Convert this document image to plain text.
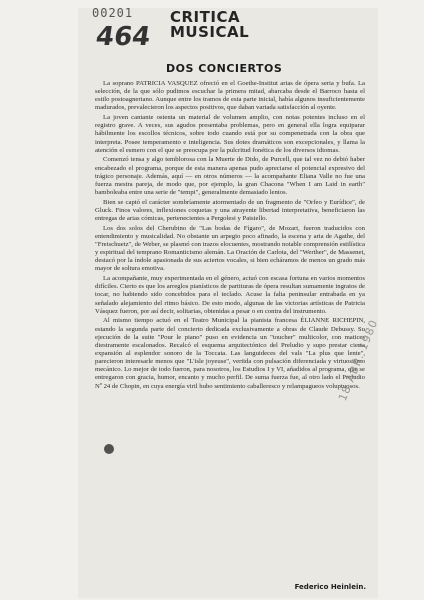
00201
464
CRITICA
MUSICAL
DOS CONCIERTOS

La soprano PATRICIA VASQUEZ ofreció en el Goethe-Institut arias de ópera seria y bufa. La selección, de la que sólo pudimos escuchar la primera mitad, abarcaba desde el Barroco hasta el estilo postoagneriano. Aunque entre los tramos de esta parte inicial, había algunos insuficientemente madurados, prevalecieron los aspectos positivos, que daban variada satisfacción al oyente.

La joven cantante ostenta un material de volumen amplio, con notas potentes incluso en el registro grave. A veces, sus agudos presentaba problemas, pero en general ella logra equiparar hábilmente los escollos técnicos, sobre todo cuando está por su compenetrada con la obra que interpreta. Posee temperamento e inteligencia. Sus dotes dramáticos son excepcionales, y llama la atención el esmero con el que se preocupa por la pulcritud fonética de los diversos idiomas.

Comenzó tensa y algo temblorosa con la Muerte de Dido, de Purcell, que tal vez no debió haber encabezado el programa, porque de esta manera apenas pudo apreciarse el potencial expresivo del trágico personaje. Además, aquí — en otros números — la acompañante Eliana Valle no fue una fuerza mestra pareja, de modo que, por ejemplo, la gran Chacona "When I am Laid in earth" bamboleaba entre una serie de "tempi", generalmente demasiado lentos.

Bien se captó el carácter sombríamente atormentado de un fragmento de "Orfeo y Eurídice", de Gluck. Finos valores, inflexiones coquetas y una atrayente libertad interpretativa, beneficiaron las entregas de arias cómicas, pertenecientes a Pergolesi y Paisiello.

Los dos solos del Cherubino de "Las bodas de Fígaro", de Mozart, fueron traducidos con entendimiento y musicalidad. No obstante un arpegio poco afinado, la escena y aria de Agathe, del "Freischuetz", de Weber, se plasmó con trazos elocuentes, mostrando notable comprensión estilística y espiritual del temprano Romanticismo alemán. La Oración de Carlota, del "Werther", de Massenet, destacó por la índole apasionada de sus aciertos vocales, si bien echáramos de menos un grado más mayor de soltura emotiva.

La acompañante, muy experimentada en el género, actuó con escasa fortuna en varios momentos difíciles. Cierto es que los arreglos pianísticos de partituras de ópera resultan sumamente ingratos de tocar, no habiendo sido concebidos para el teclado. Acuse la falta peninsular entrabada en ya señalado alejamiento del ritmo básico. De esto modo, algunas de las victorias artísticas de Patricia Vásquez fueron, por así decir, solitarias, obtenidas a pesar o en contra del instrumento.

Al mismo tiempo actuó en el Teatro Municipal la pianista francesa ÉLIANNE RICHEPIN, estando la segunda parte del concierto dedicada exclusivamente a obras de Claude Debussy. Su ejecución de la suite "Pour le piano" puso en evidencia un "toucher" multicolor, con matices diestramente escalonados. Recalcó el esquema arquitectónico del Preludio y supo prestar cierta expansión al esplendor sonoro de la Toccata. Las languideces del vals "La plus que lente", parecieron interesarle menos que "L'isle joyeuse", vertida con pulsación diferenciada y virtuosismo mecánico. Lo mejor de todo fueron, para nosotros, los Estudios I y VI, añadidos al programa, que se entregaron con gracia, humor, encanto y mucho perfil. De suma fuerza fue, al otro lado el Preludio Nº 24 de Chopin, en cuya energía viril hubo sentimiento caballeresco y relampagueos voluptuosos.

Federico Heinlein.
18 ABR. 1980
